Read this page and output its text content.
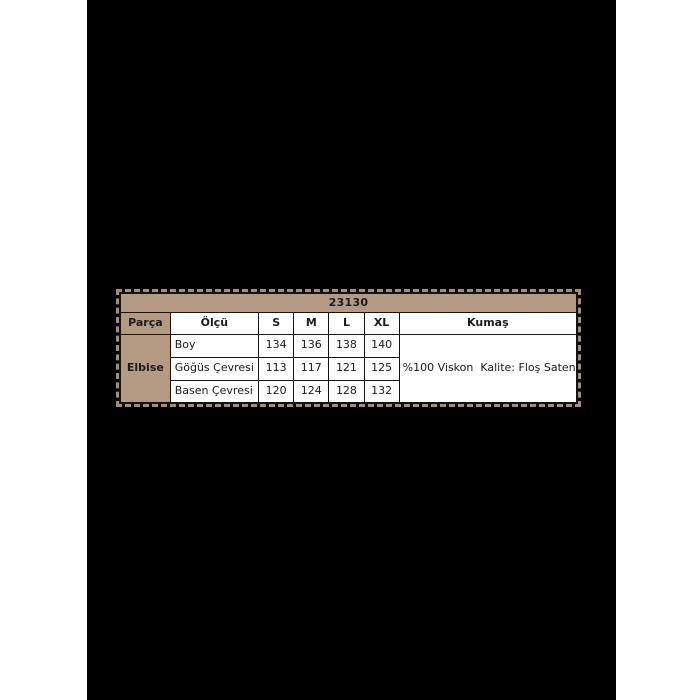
23130						
Parça	Ölçü	S	M	L	XL	Kumaş
Elbise	Boy	134	136	138	140	%100 Viskon  Kalite: Floş Saten
	Göğüs Çevresi	113	117	121	125	
	Basen Çevresi	120	124	128	132	
